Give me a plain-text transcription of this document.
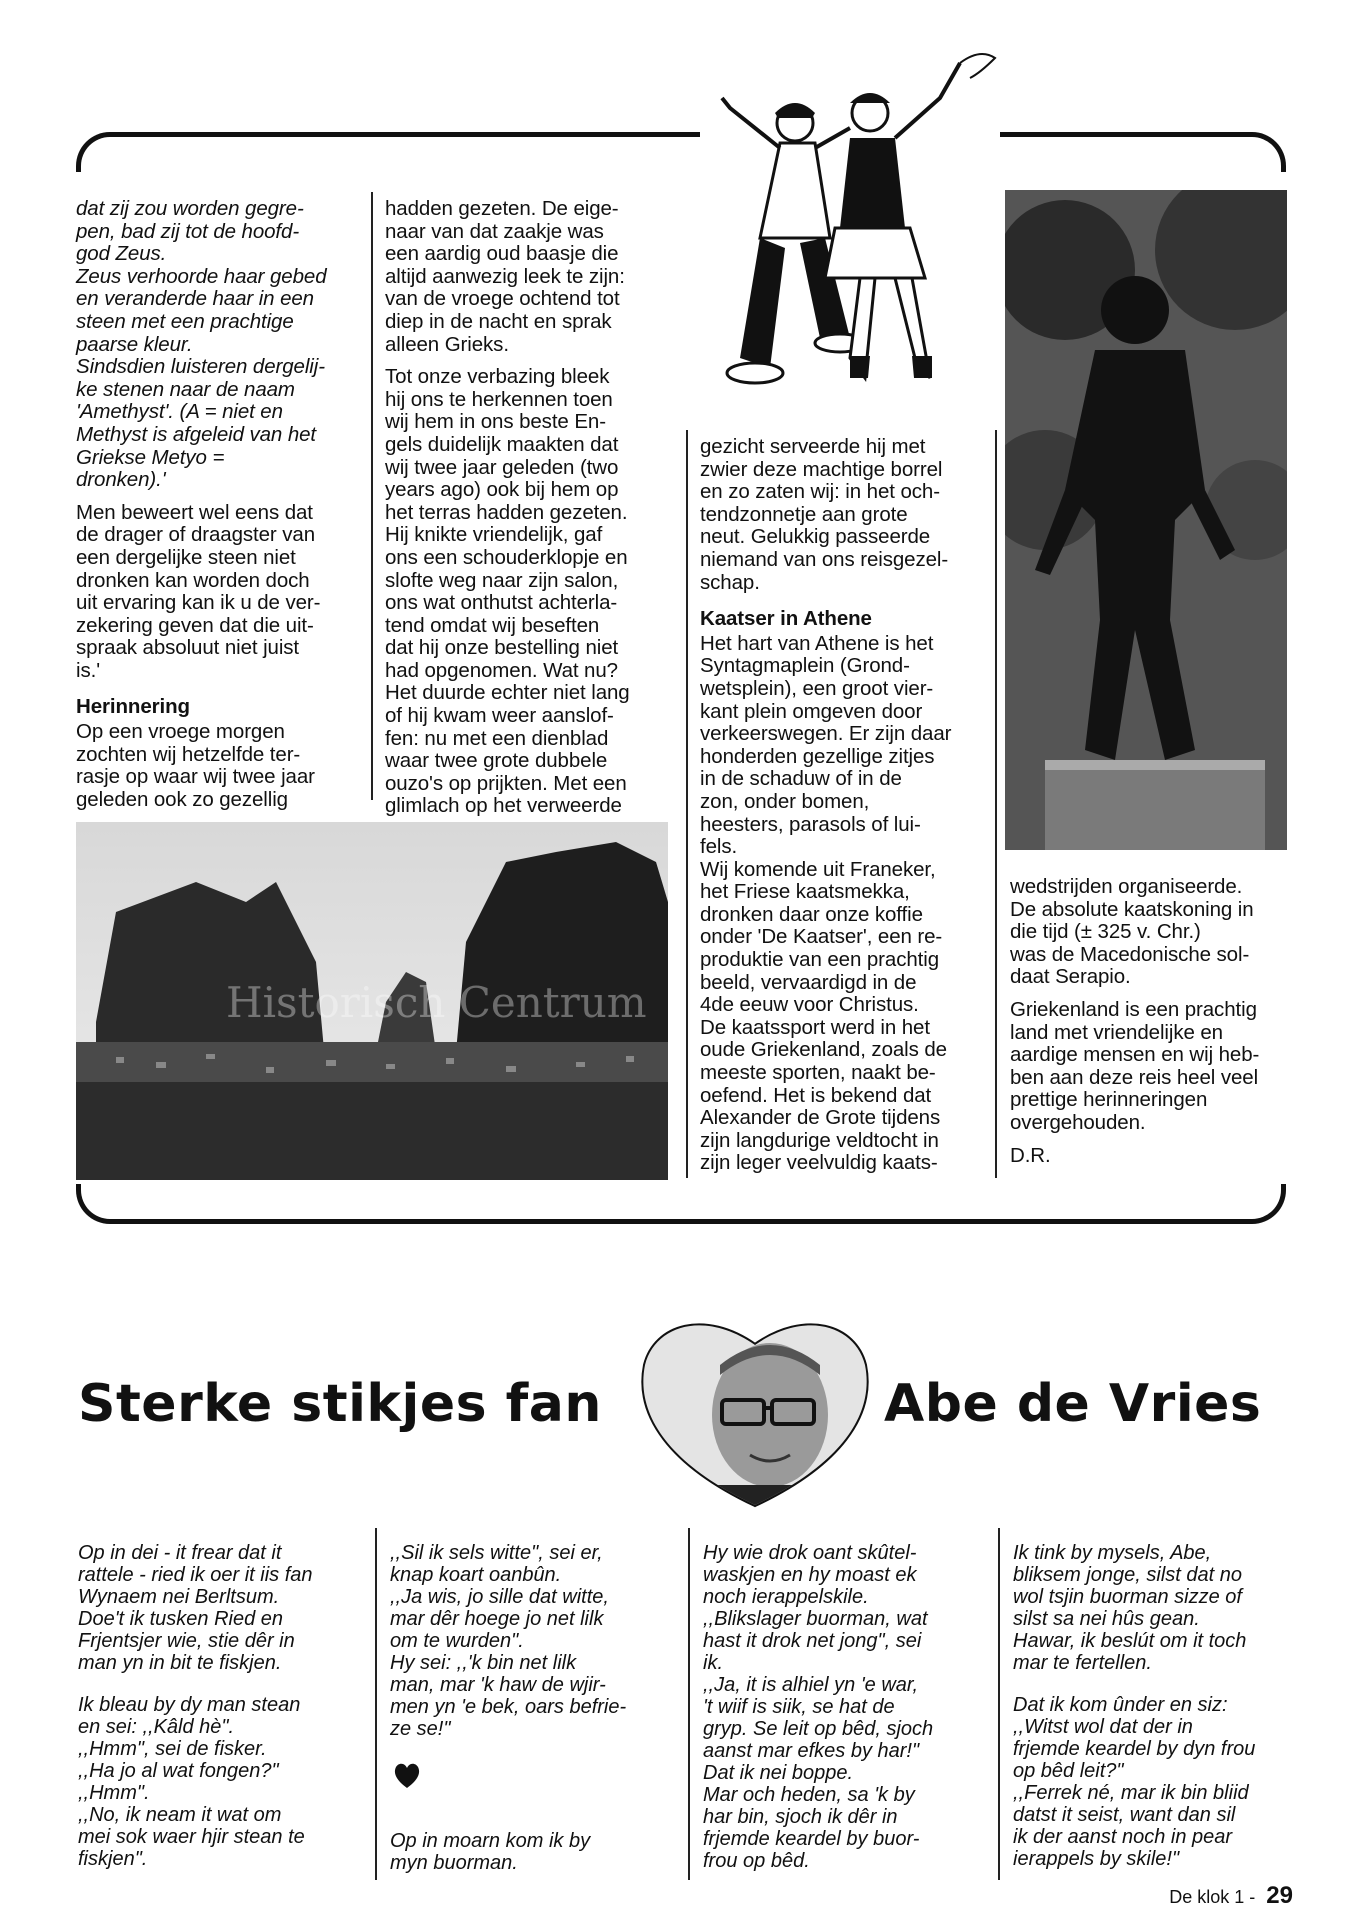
dat zij zou worden gegre-
pen, bad zij tot de hoofd-
god Zeus.
Zeus verhoorde haar gebed
en veranderde haar in een
steen met een prachtige
paarse kleur.
Sindsdien luisteren dergelij-
ke stenen naar de naam
'Amethyst'. (A = niet en
Methyst is afgeleid van het
Griekse Metyo =
dronken).'

Men beweert wel eens dat
de drager of draagster van
een dergelijke steen niet
dronken kan worden doch
uit ervaring kan ik u de ver-
zekering geven dat die uit-
spraak absoluut niet juist
is.'

Herinnering

Op een vroege morgen
zochten wij hetzelfde ter-
rasje op waar wij twee jaar
geleden ook zo gezellig

hadden gezeten. De eige-
naar van dat zaakje was
een aardig oud baasje die
altijd aanwezig leek te zijn:
van de vroege ochtend tot
diep in de nacht en sprak
alleen Grieks.

Tot onze verbazing bleek
hij ons te herkennen toen
wij hem in ons beste En-
gels duidelijk maakten dat
wij twee jaar geleden (two
years ago) ook bij hem op
het terras hadden gezeten.
Hij knikte vriendelijk, gaf
ons een schouderklopje en
slofte weg naar zijn salon,
ons wat onthutst achterla-
tend omdat wij beseften
dat hij onze bestelling niet
had opgenomen. Wat nu?
Het duurde echter niet lang
of hij kwam weer aanslof-
fen: nu met een dienblad
waar twee grote dubbele
ouzo's op prijkten. Met een
glimlach op het verweerde

gezicht serveerde hij met
zwier deze machtige borrel
en zo zaten wij: in het och-
tendzonnetje aan grote
neut. Gelukkig passeerde
niemand van ons reisgezel-
schap.

Kaatser in Athene

Het hart van Athene is het
Syntagmaplein (Grond-
wetsplein), een groot vier-
kant plein omgeven door
verkeerswegen. Er zijn daar
honderden gezellige zitjes
in de schaduw of in de
zon, onder bomen,
heesters, parasols of lui-
fels.
Wij komende uit Franeker,
het Friese kaatsmekka,
dronken daar onze koffie
onder 'De Kaatser', een re-
produktie van een prachtig
beeld, vervaardigd in de
4de eeuw voor Christus.
De kaatssport werd in het
oude Griekenland, zoals de
meeste sporten, naakt be-
oefend. Het is bekend dat
Alexander de Grote tijdens
zijn langdurige veldtocht in
zijn leger veelvuldig kaats-

wedstrijden organiseerde.
De absolute kaatskoning in
die tijd (± 325 v. Chr.)
was de Macedonische sol-
daat Serapio.

Griekenland is een prachtig
land met vriendelijke en
aardige mensen en wij heb-
ben aan deze reis heel veel
prettige herinneringen
overgehouden.

D.R.

Historisch Centrum
Sterke stikjes fan	Abe de Vries

Op in dei - it frear dat it
rattele - ried ik oer it iis fan
Wynaem nei Berltsum.
Doe't ik tusken Ried en
Frjentsjer wie, stie dêr in
man yn in bit te fiskjen.

Ik bleau by dy man stean
en sei: ,,Kâld hè".
,,Hmm", sei de fisker.
,,Ha jo al wat fongen?"
,,Hmm".
,,No, ik neam it wat om
mei sok waer hjir stean te
fiskjen".

,,Sil ik sels witte", sei er,
knap koart oanbûn.
,,Ja wis, jo sille dat witte,
mar dêr hoege jo net lilk
om te wurden".
Hy sei: ,,'k bin net lilk
man, mar 'k haw de wjir-
men yn 'e bek, oars befrie-
ze se!"

Op in moarn kom ik by
myn buorman.

Hy wie drok oant skûtel-
waskjen en hy moast ek
noch ierappelskile.
,,Blikslager buorman, wat
hast it drok net jong", sei
ik.
,,Ja, it is alhiel yn 'e war,
't wiif is siik, se hat de
gryp. Se leit op bêd, sjoch
aanst mar efkes by har!"
Dat ik nei boppe.
Mar och heden, sa 'k by
har bin, sjoch ik dêr in
frjemde keardel by buor-
frou op bêd.

Ik tink by mysels, Abe,
bliksem jonge, silst dat no
wol tsjin buorman sizze of
silst sa nei hûs gean.
Hawar, ik beslút om it toch
mar te fertellen.

Dat ik kom ûnder en siz:
,,Witst wol dat der in
frjemde keardel by dyn frou
op bêd leit?"
,,Ferrek né, mar ik bin bliid
datst it seist, want dan sil
ik der aanst noch in pear
ierappels by skile!"

De klok 1 - 29
